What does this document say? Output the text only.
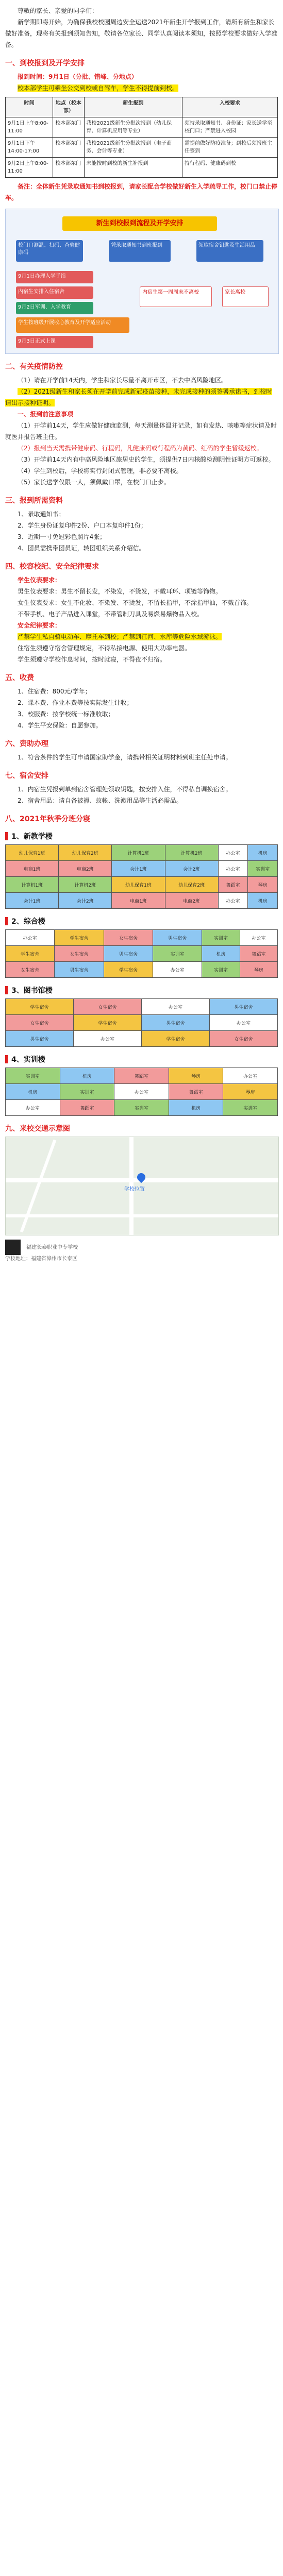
尊敬的家长、亲爱的同学们：

新学期即将开始，为确保我校校园周边安全运送2021年新生开学报到工作，请所有新生和家长做好准备，现将有关报到须知告知，敬请各位家长、同学认真阅读本须知，按照学校要求做好入学准备。

一、到校报到及开学安排

报到时间：9月1日（分批、错峰、分地点）

校本部学生可乘坐公交到校或自驾车，学生不得提前到校。

时间	地点（校本部）	新生报到	入校要求
9月1日上午8:00-11:00	校本部东门	我校2021级新生分批次报到（幼儿保育、计算机应用等专业）	须持录取通知书、身份证；家长送学至校门口；严禁进入校园
9月1日下午14:00-17:00	校本部东门	我校2021级新生分批次报到（电子商务、会计等专业）	需提前做好防疫准备；到校后须报班主任签到
9月2日上午8:00-11:00	校本部东门	未能按时到校的新生补报到	持行程码、健康码到校

备注：全体新生凭录取通知书到校报到，请家长配合学校做好新生入学疏导工作，校门口禁止停车。

新生到校报到流程及开学安排
校门口测温、扫码、查验健康码
凭录取通知书到班报到	领取宿舍钥匙及生活用品
9月1日办理入学手续
内宿生安排入住宿舍
9月2日军训、入学教育
学生按班级开展收心教育及开学适应活动
9月3日正式上课
内宿生第一周周末不离校	家长离校
二、有关疫情防控

（1）请在开学前14天内，学生和家长尽量不离开市区，不去中高风险地区。

（2）2021级新生和家长须在开学前完成新冠疫苗接种，未完成接种的须签署承诺书，到校时请出示接种证明。

一、报到前注意事项

（1）开学前14天，学生应做好健康监测，每天测量体温并记录，如有发热、咳嗽等症状请及时就医并报告班主任。

（2）报到当天需携带健康码、行程码，凡健康码或行程码为黄码、红码的学生暂缓返校。

（3）开学前14天内有中高风险地区旅居史的学生，须提供7日内核酸检测阴性证明方可返校。

（4）学生到校后，学校将实行封闭式管理，非必要不离校。

（5）家长送学仅限一人，须佩戴口罩，在校门口止步。

三、报到所需资料

1、录取通知书；

2、学生身份证复印件2份、户口本复印件1份；

3、近期一寸免冠彩色照片4张；

4、团员需携带团员证，转团组织关系介绍信。

四、校容校纪、安全纪律要求

学生仪表要求：

男生仪表要求：男生不留长发，不染发，不烫发，不戴耳环、项链等饰物。

女生仪表要求：女生不化妆、不染发、不烫发，不留长指甲，不涂指甲油，不戴首饰。

不带手机、电子产品进入课堂，不带管制刀具及易燃易爆物品入校。

安全纪律要求：

严禁学生私自骑电动车、摩托车到校；严禁到江河、水库等危险水域游泳。

住宿生须遵守宿舍管理规定，不得私接电源、使用大功率电器。

学生须遵守学校作息时间，按时就寝，不得夜不归宿。

五、收费

1、住宿费：800元/学年；

2、课本费、作业本费等按实际发生计收；

3、校服费：按学校统一标准收取；

4、学生平安保险：自愿参加。

六、资助办理

1、符合条件的学生可申请国家助学金，请携带相关证明材料到班主任处申请。

七、宿舍安排

1、内宿生凭报到单到宿舍管理处领取钥匙，按安排入住，不得私自调换宿舍。

2、宿舍用品：请自备被褥、蚊帐、洗漱用品等生活必需品。

八、2021年秋季分班分寝
1、新教学楼
幼儿保育1班	幼儿保育2班	计算机1班	计算机2班	办公室	机房
电商1班	电商2班	会计1班	会计2班	办公室	实训室
计算机1班	计算机2班	幼儿保育1班	幼儿保育2班	舞蹈室	琴房
会计1班	会计2班	电商1班	电商2班	办公室	机房
2、综合楼
办公室	学生宿舍	女生宿舍	男生宿舍	实训室	办公室
学生宿舍	女生宿舍	男生宿舍	实训室	机房	舞蹈室
女生宿舍	男生宿舍	学生宿舍	办公室	实训室	琴房
3、图书馆楼
学生宿舍	女生宿舍	办公室	男生宿舍
女生宿舍	学生宿舍	男生宿舍	办公室
男生宿舍	办公室	学生宿舍	女生宿舍
4、实训楼
实训室	机房	舞蹈室	琴房	办公室
机房	实训室	办公室	舞蹈室	琴房
办公室	舞蹈室	实训室	机房	实训室
九、来校交通示意图
学校位置
福建长泰职业中专学校
学校地址：福建省漳州市长泰区
